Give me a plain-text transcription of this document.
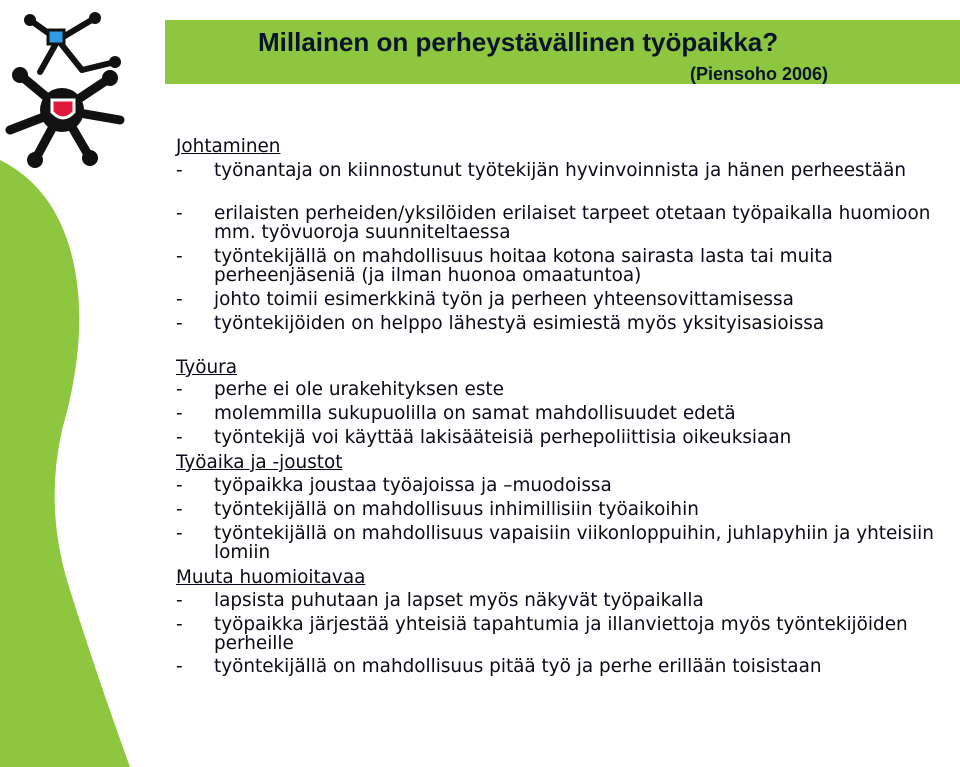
Millainen on perheystävällinen työpaikka?
(Piensoho 2006)
Johtaminen

- työnantaja on kiinnostunut työtekijän hyvinvoinnista ja hänen perheestään

- erilaisten perheiden/yksilöiden erilaiset tarpeet otetaan työpaikalla huomioon mm. työvuoroja suunniteltaessa

- työntekijällä on mahdollisuus hoitaa kotona sairasta lasta tai muita perheenjäseniä (ja ilman huonoa omaatuntoa)

- johto toimii esimerkkinä työn ja perheen yhteensovittamisessa

- työntekijöiden on helppo lähestyä esimiestä myös yksityisasioissa

Työura

- perhe ei ole urakehityksen este

- molemmilla sukupuolilla on samat mahdollisuudet edetä

- työntekijä voi käyttää lakisääteisiä perhepoliittisia oikeuksiaan

Työaika ja -joustot

- työpaikka joustaa työajoissa ja –muodoissa

- työntekijällä on mahdollisuus inhimillisiin työaikoihin

- työntekijällä on mahdollisuus vapaisiin viikonloppuihin, juhlapyhiin ja yhteisiin lomiin

Muuta huomioitavaa

- lapsista puhutaan ja lapset myös näkyvät työpaikalla

- työpaikka järjestää yhteisiä tapahtumia ja illanviettoja myös työntekijöiden perheille

- työntekijällä on mahdollisuus pitää työ ja perhe erillään toisistaan
